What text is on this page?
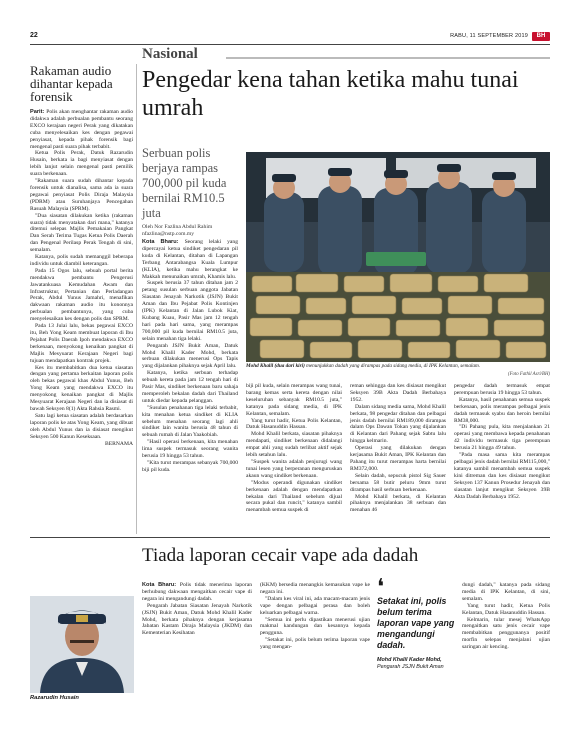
22	RABU, 11 SEPTEMBER 2019	BH
Nasional
Rakaman audio dihantar kepada forensik

Parit: Polis akan menghantar rakaman audio didakwa adalah perbualan pembantu seorang EXCO kerajaan negeri Perak yang dikatakan cuba menyelesaikan kes dengan pegawai penyiasat, kepada pihak forensik bagi mengenal pasti suara pihak terbabit.

Ketua Polis Perak, Datuk Razarudin Husain, berkata ia bagi menyiasat dengan lebih lanjut selain mengenal pasti pemilik suara berkenaan.

"Rakaman suara sudah dihantar kepada forensik untuk dianalisa, sama ada ia suara pegawai penyiasat Polis Diraja Malaysia (PDRM) atau Suruhanjaya Pencegahan Rasuah Malaysia (SPRM).

"Dua siasatan dilakukan ketika (rakaman suara) tidak menyatakan dari mana," katanya ditemui selepas Majlis Pemakaian Pangkat Dan Serah Terima Tugas Ketua Polis Daerah dan Pengenal Perilasp Perak Tengah di sini, semalam.

Katanya, polis sudah memanggil beberapa individu untuk diambil keterangan.

Pada 15 Ogos lalu, sebuah portal berita mendakwa pembantu Pengerusi Jawatankuasa Kemudahan Awam dan Infrastruktur, Pertanian dan Perladangan Perak, Abdul Yunus Jamahri, menafikan dakwaan rakaman audio itu kononnya perbualan pembantunya, yang cuba menyelesaikan kes dengan polis dan SPRM.

Pada 13 Julai lalu, bekas pegawai EXCO itu, Beh Yong Keam membuat laporan di Ibu Pejabat Polis Daerah Ipoh mendakwa EXCO berkenaan, menyokong kenaikan pangkat di Majlis Mesyuarat Kerajaan Negeri bagi tujuan mendapatkan kontrak projek.

Kes itu membabitkan dua ketua siasatan dengan yang pertama berkaitan laporan polis oleh bekas pegawai khas Abdul Yunus, Beh Yong Keam yang mendakwa EXCO itu menyokong kenaikan pangkat di Majlis Mesyuarat Kerajaan Negeri dan ia disiasat di bawah Seksyen 8(1) Akta Rahsia Rasmi.

Satu lagi ketua siasatan adalah berdasarkan laporan polis ke atas Yong Keam, yang dibuat oleh Abdul Yunus dan ia disiasat mengikut Seksyen 500 Kanun Keseksaan.

BERNAMA
Pengedar kena tahan ketika mahu tunai umrah
Serbuan polis berjaya rampas 700,000 pil kuda bernilai RM10.5 juta
Oleh Nor Fazlina Abdul Rahim
nfazlina@nstp.com.my
Mohd Khalil (dua dari kiri) menunjukkan dadah yang dirampas pada sidang media, di IPK Kelantan, semalam.
(Foto Fathil Asri/BH)

Kota Bharu: Seorang lelaki yang dipercayai ketua sindiket pengedaran pil kuda di Kelantan, ditahan di Lapangan Terbang Antarabangsa Kuala Lumpur (KLIA), ketika mahu berangkat ke Makkah menunaikan umrah, Khamis lalu.

Suspek berusia 37 tahun ditahan jam 2 petang susulan serbuan anggota Jabatan Siasatan Jenayah Narkotik (JSJN) Bukit Aman dan Ibu Pejabat Polis Kontinjen (IPK) Kelantan di Jalan Lubok Kiat, Kubang Kuau, Pasir Mas jam 12 tengah hari pada hari sama, yang merampas 700,000 pil kuda bernilai RM10.5 juta, selain menahan tiga lelaki.

Pengarah JSJN Bukit Aman, Datuk Mohd Khalil Kader Mohd, berkata serbuan dilakukan menerusi Ops Tapis yang dijalankan pihaknya sejak April lalu.

Katanya, ketika serbuan terhadap sebuah kereta pada jam 12 tengah hari di Pasir Mas, sindiket berkenaan baru sahaja memperoleh bekalan dadah dari Thailand untuk diedar kepada pelanggan.

"Susulan penahanan tiga lelaki terbabit, kita menahan ketua sindiket di KLIA sebelum menahan seorang lagi ahli sindiket lain wanita berusia 48 tahun di sebuah rumah di Jalan Yaakobiah.

"Hasil operasi berkenaan, kita menahan lima suspek termasuk seorang wanita berusia 19 hingga 53 tahun.

"Kita turut merampas sebanyak 700,000 biji pil kuda.

biji pil kuda, selain merampas wang tunai, barang kemas serta kereta dengan nilai keseluruhan sebanyak RM10.5 juta," katanya pada sidang media, di IPK Kelantan, semalam.

Yang turut hadir, Ketua Polis Kelantan, Datuk Hasanuddin Hassan.

Mohd Khalil berkata, siasatan pihaknya mendapati, sindiket berkenaan didalangi empat ahli yang sudah terlibat aktif sejak lebih setahun lalu.

"Suspek wanita adalah penjurugi wang tunai lesen yang berperanan menguruskan akaun wang sindiket berkenaan.

"Modus operandi digunakan sindiket berkenaan adalah dengan mendapatkan bekalan dari Thailand sebelum dijual secara pukal dan runcit," katanya sambil menambah semua suspek di

reman sehingga dan kes disiasat mengikut Seksyen 39B Akta Dadah Berbahaya 1952.

Dalam sidang media sama, Mohd Khalil berkata, 98 pengedar ditahan dan pelbagai jenis dadah bernilai RM189,000 dirampas dalam Ops Dawan Tokan yang dijalankan di Kelantan dari Pahang sejak Sabtu lalu hingga kelmarin.

Operasi yang dilakukan dengan kerjasama Bukit Aman, IPK Kelantan dan Pahang itu turut merampas harta bernilai RM372,000.

Selain dadah, sepucuk pistol Sig Sauer bersama 58 butir peluru 9mm turut dirampas hasil serbuan berkenaan.

Mohd Khalil berkata, di Kelantan pihaknya menjalankan 38 serbuan dan menahan 46

pengedar dadah termasuk empat perempuan berusia 19 hingga 53 tahun.

Katanya, hasil penahanan semua suspek berkenaan, polis merampas pelbagai jenis dadah termasuk syabu dan heroin bernilai RM38,000.

"Di Pahang pula, kita menjalankan 21 operasi yang membawa kepada penahanan 42 individu termasuk tiga perempuan berusia 21 hingga 49 tahun.

"Pada masa sama kita merampas pelbagai jenis dadah bernilai RM115,000," katanya sambil menambah semua suspek kini ditreman dan kes disiasat mengikut Seksyen 137 Kanun Prosedur Jenayah dan siasatan lanjut mengikut Seksyen 39B Akta Dadah Berbahaya 1952.

Tiada laporan cecair vape ada dadah
Razarudin Husain

Kota Bharu: Polis tidak menerima laporan berhubung dakwaan mengaitkan cecair vape di negara ini mengandungi dadah.

Pengarah Jabatan Siasatan Jenayah Narkotik (JSJN) Bukit Aman, Datuk Mohd Khalil Kader Mohd, berkata pihaknya dengan kerjasama Jabatan Kastam Diraja Malaysia (JKDM) dan Kementerian Kesihatan

(KKM) bersedia menangkis kemasukan vape ke negara ini.

"Dalam kes viral ini, ada macam-macam jenis vape dengan pelbagai perasa dan boleh keluarkan pelbagai warna.

"Semua ini perlu dipastikan menerusi ujian makmal kandungan dan kesannya kepada pengguna.

"Setakat ini, polis belum terima laporan vape yang mengan-

❛
Setakat ini, polis belum terima laporan vape yang mengandungi dadah.
Mohd Khalil Kader Mohd,
Pengarah JSJN Bukit Aman

dungi dadah," katanya pada sidang media di IPK Kelantan, di sini, semalam.

Yang turut hadir, Ketua Polis Kelantan, Datuk Hasanuddin Hassan.

Kelmarin, tular mesej WhatsApp mengaitkan satu jenis cecair vape membabitkan penggunanya positif morfin selepas menjalani ujian saringan air kencing.
